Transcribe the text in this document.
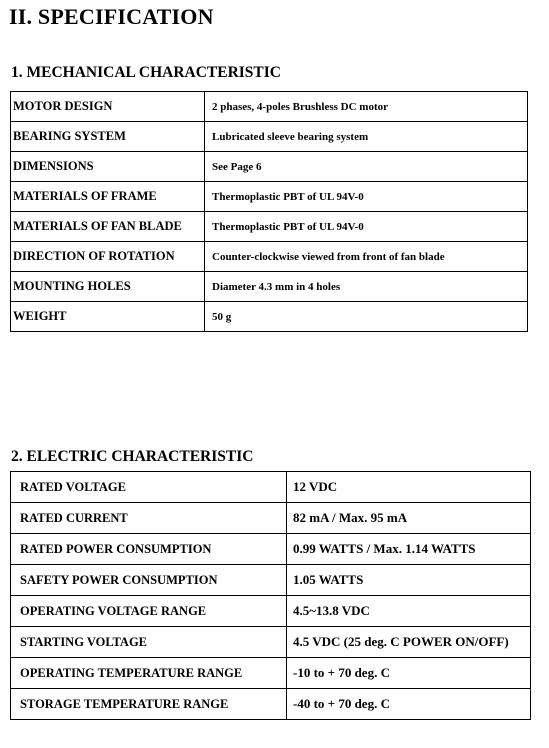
II. SPECIFICATION
1. MECHANICAL CHARACTERISTIC
MOTOR DESIGN	2 phases, 4-poles Brushless DC motor
BEARING SYSTEM	Lubricated sleeve bearing system
DIMENSIONS	See Page 6
MATERIALS OF FRAME	Thermoplastic PBT of UL 94V-0
MATERIALS OF FAN BLADE	Thermoplastic PBT of UL 94V-0
DIRECTION OF ROTATION	Counter-clockwise viewed from front of fan blade
MOUNTING HOLES	Diameter 4.3 mm in 4 holes
WEIGHT	50 g
2. ELECTRIC CHARACTERISTIC
RATED VOLTAGE	12 VDC
RATED CURRENT	82 mA / Max. 95 mA
RATED POWER CONSUMPTION	0.99 WATTS / Max. 1.14 WATTS
SAFETY POWER CONSUMPTION	1.05 WATTS
OPERATING VOLTAGE RANGE	4.5~13.8 VDC
STARTING VOLTAGE	4.5 VDC (25 deg. C POWER ON/OFF)
OPERATING TEMPERATURE RANGE	-10 to + 70 deg. C
STORAGE TEMPERATURE RANGE	-40 to + 70 deg. C
